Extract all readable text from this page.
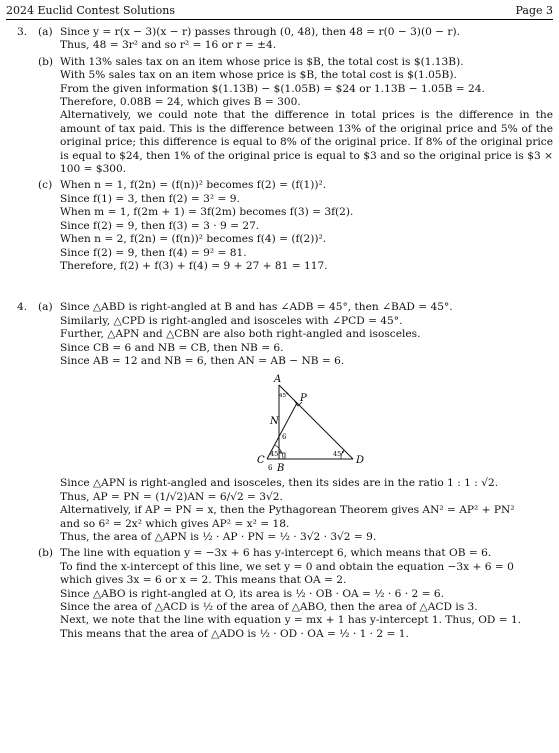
2024 Euclid Contest Solutions	Page 3
3. (a) Since y = r(x − 3)(x − r) passes through (0, 48), then 48 = r(0 − 3)(0 − r).
Thus, 48 = 3r² and so r² = 16 or r = ±4.
(b) With 13% sales tax on an item whose price is $B, the total cost is $(1.13B).
With 5% sales tax on an item whose price is $B, the total cost is $(1.05B).
From the given information $(1.13B) − $(1.05B) = $24 or 1.13B − 1.05B = 24.
Therefore, 0.08B = 24, which gives B = 300.
Alternatively, we could note that the difference in total prices is the difference in the amount of tax paid. This is the difference between 13% of the original price and 5% of the original price; this difference is equal to 8% of the original price. If 8% of the original price is equal to $24, then 1% of the original price is equal to $3 and so the original price is $3 × 100 = $300.
(c) When n = 1, f(2n) = (f(n))² becomes f(2) = (f(1))².
Since f(1) = 3, then f(2) = 3² = 9.
When m = 1, f(2m + 1) = 3f(2m) becomes f(3) = 3f(2).
Since f(2) = 9, then f(3) = 3 · 9 = 27.
When n = 2, f(2n) = (f(n))² becomes f(4) = (f(2))².
Since f(2) = 9, then f(4) = 9² = 81.
Therefore, f(2) + f(3) + f(4) = 9 + 27 + 81 = 117.
4. (a) Since △ABD is right-angled at B and has ∠ADB = 45°, then ∠BAD = 45°.
Similarly, △CPD is right-angled and isosceles with ∠PCD = 45°.
Further, △APN and △CBN are also both right-angled and isosceles.
Since CB = 6 and NB = CB, then NB = 6.
Since AB = 12 and NB = 6, then AN = AB − NB = 6.
A
P
N
C
B
D
6
6
45°	45°
45°
Since △APN is right-angled and isosceles, then its sides are in the ratio 1 : 1 : √2.
Thus, AP = PN = (1/√2)AN = 6/√2 = 3√2.
Alternatively, if AP = PN = x, then the Pythagorean Theorem gives AN² = AP² + PN²
and so 6² = 2x² which gives AP² = x² = 18.
Thus, the area of △APN is ½ · AP · PN = ½ · 3√2 · 3√2 = 9.
(b) The line with equation y = −3x + 6 has y-intercept 6, which means that OB = 6.
To find the x-intercept of this line, we set y = 0 and obtain the equation −3x + 6 = 0
which gives 3x = 6 or x = 2. This means that OA = 2.
Since △ABO is right-angled at O, its area is ½ · OB · OA = ½ · 6 · 2 = 6.
Since the area of △ACD is ½ of the area of △ABO, then the area of △ACD is 3.
Next, we note that the line with equation y = mx + 1 has y-intercept 1. Thus, OD = 1.
This means that the area of △ADO is ½ · OD · OA = ½ · 1 · 2 = 1.
